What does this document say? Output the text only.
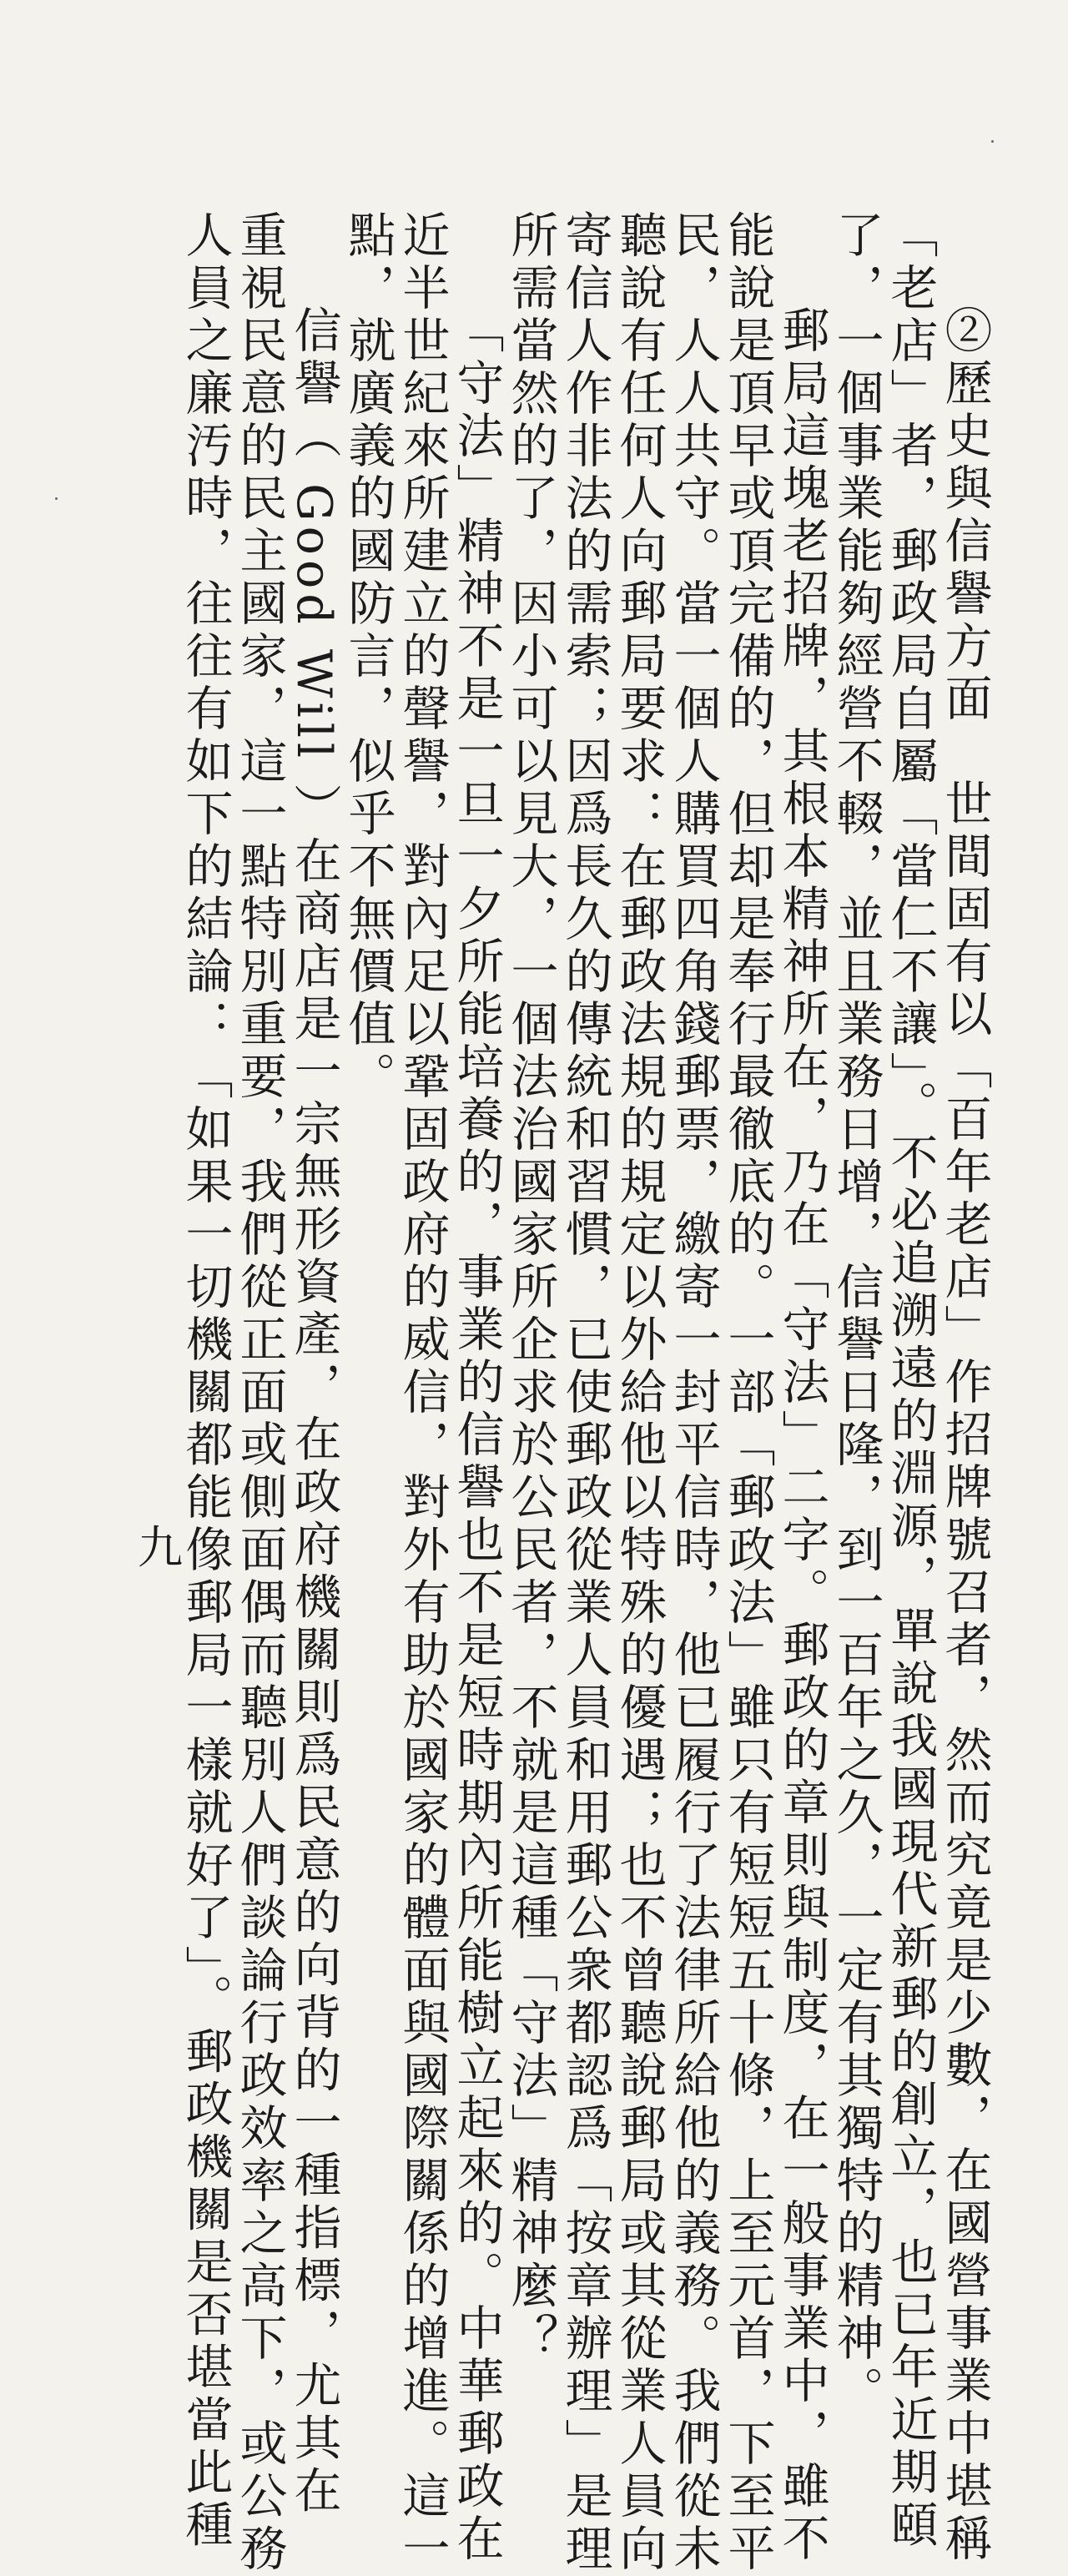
②歷史與信譽方面　世間固有以「百年老店」作招牌號召者，然而究竟是少數，在國營事業中堪稱
「老店」者，郵政局自屬「當仁不讓」。不必追溯遠的淵源，單說我國現代新郵的創立，也已年近期頤
了，一個事業能夠經營不輟，並且業務日增，信譽日隆，到一百年之久，一定有其獨特的精神。
郵局這塊老招牌，其根本精神所在，乃在「守法」二字。郵政的章則與制度，在一般事業中，雖不
能說是頂早或頂完備的，但却是奉行最徹底的。一部「郵政法」雖只有短短五十條，上至元首，下至平
民，人人共守。當一個人購買四角錢郵票，繳寄一封平信時，他已履行了法律所給他的義務。我們從未
聽說有任何人向郵局要求：在郵政法規的規定以外給他以特殊的優遇；也不曾聽說郵局或其從業人員向
寄信人作非法的需索；因爲長久的傳統和習慣，已使郵政從業人員和用郵公衆都認爲「按章辦理」是理
所需當然的了，因小可以見大，一個法治國家所企求於公民者，不就是這種「守法」精神麼？
「守法」精神不是一旦一夕所能培養的，事業的信譽也不是短時期內所能樹立起來的。中華郵政在
近半世紀來所建立的聲譽，對內足以鞏固政府的威信，對外有助於國家的體面與國際關係的增進。這一
點，就廣義的國防言，似乎不無價值。
信譽（ Good Will ）在商店是一宗無形資產，在政府機關則爲民意的向背的一種指標，尤其在
重視民意的民主國家，這一點特別重要，我們從正面或側面偶而聽別人們談論行政效率之高下，或公務
人員之廉汚時，往往有如下的結論：「如果一切機關都能像郵局一樣就好了」。郵政機關是否堪當此種
九
